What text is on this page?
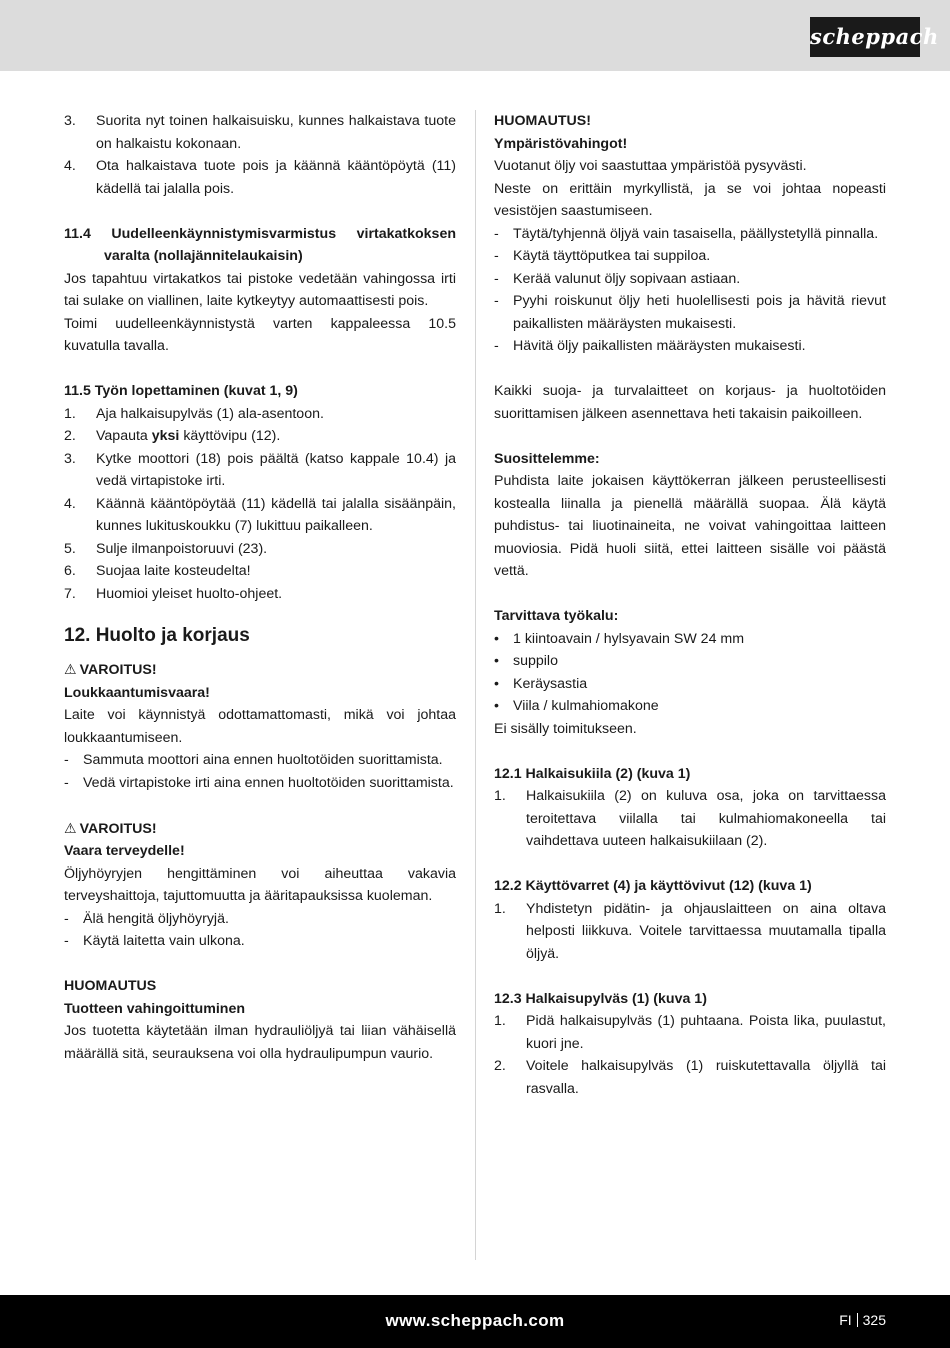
scheppach
3. Suorita nyt toinen halkaisuisku, kunnes halkaistava tuote on halkaistu kokonaan.
4. Ota halkaistava tuote pois ja käännä kääntöpöytä (11) kädellä tai jalalla pois.

11.4 Uudelleenkäynnistymisvarmistus virtakatkoksen varalta (nollajännitelaukaisin)

Jos tapahtuu virtakatkos tai pistoke vedetään vahingossa irti tai sulake on viallinen, laite kytkeytyy automaattisesti pois.

Toimi uudelleenkäynnistystä varten kappaleessa 10.5 kuvatulla tavalla.

11.5 Työn lopettaminen (kuvat 1, 9)

1. Aja halkaisupylväs (1) ala-asentoon.
2. Vapauta yksi käyttövipu (12).
3. Kytke moottori (18) pois päältä (katso kappale 10.4) ja vedä virtapistoke irti.
4. Käännä kääntöpöytää (11) kädellä tai jalalla sisäänpäin, kunnes lukituskoukku (7) lukittuu paikalleen.
5. Sulje ilmanpoistoruuvi (23).
6. Suojaa laite kosteudelta!
7. Huomioi yleiset huolto-ohjeet.

12. Huolto ja korjaus

⚠ VAROITUS!

Loukkaantumisvaara!

Laite voi käynnistyä odottamattomasti, mikä voi johtaa loukkaantumiseen.

- Sammuta moottori aina ennen huoltotöiden suorittamista.
- Vedä virtapistoke irti aina ennen huoltotöiden suorittamista.

⚠ VAROITUS!

Vaara terveydelle!

Öljyhöyryjen hengittäminen voi aiheuttaa vakavia terveyshaittoja, tajuttomuutta ja ääritapauksissa kuoleman.

- Älä hengitä öljyhöyryjä.
- Käytä laitetta vain ulkona.

HUOMAUTUS

Tuotteen vahingoittuminen

Jos tuotetta käytetään ilman hydrauliöljyä tai liian vähäisellä määrällä sitä, seurauksena voi olla hydraulipumpun vaurio.

HUOMAUTUS!

Ympäristövahingot!

Vuotanut öljy voi saastuttaa ympäristöä pysyvästi.

Neste on erittäin myrkyllistä, ja se voi johtaa nopeasti vesistöjen saastumiseen.

- Täytä/tyhjennä öljyä vain tasaisella, päällystetyllä pinnalla.
- Käytä täyttöputkea tai suppiloa.
- Kerää valunut öljy sopivaan astiaan.
- Pyyhi roiskunut öljy heti huolellisesti pois ja hävitä rievut paikallisten määräysten mukaisesti.
- Hävitä öljy paikallisten määräysten mukaisesti.

Kaikki suoja- ja turvalaitteet on korjaus- ja huoltotöiden suorittamisen jälkeen asennettava heti takaisin paikoilleen.

Suosittelemme:

Puhdista laite jokaisen käyttökerran jälkeen perusteellisesti kostealla liinalla ja pienellä määrällä suopaa. Älä käytä puhdistus- tai liuotinaineita, ne voivat vahingoittaa laitteen muoviosia. Pidä huoli siitä, ettei laitteen sisälle voi päästä vettä.

Tarvittava työkalu:

• 1 kiintoavain / hylsyavain SW 24 mm
• suppilo
• Keräysastia
• Viila / kulmahiomakone

Ei sisälly toimitukseen.

12.1 Halkaisukiila (2) (kuva 1)

1. Halkaisukiila (2) on kuluva osa, joka on tarvittaessa teroitettava viilalla tai kulmahiomakoneella tai vaihdettava uuteen halkaisukiilaan (2).

12.2 Käyttövarret (4) ja käyttövivut (12) (kuva 1)

1. Yhdistetyn pidätin- ja ohjauslaitteen on aina oltava helposti liikkuva. Voitele tarvittaessa muutamalla tipalla öljyä.

12.3 Halkaisupylväs (1) (kuva 1)

1. Pidä halkaisupylväs (1) puhtaana. Poista lika, puulastut, kuori jne.
2. Voitele halkaisupylväs (1) ruiskutettavalla öljyllä tai rasvalla.
www.scheppach.com	FI 325
